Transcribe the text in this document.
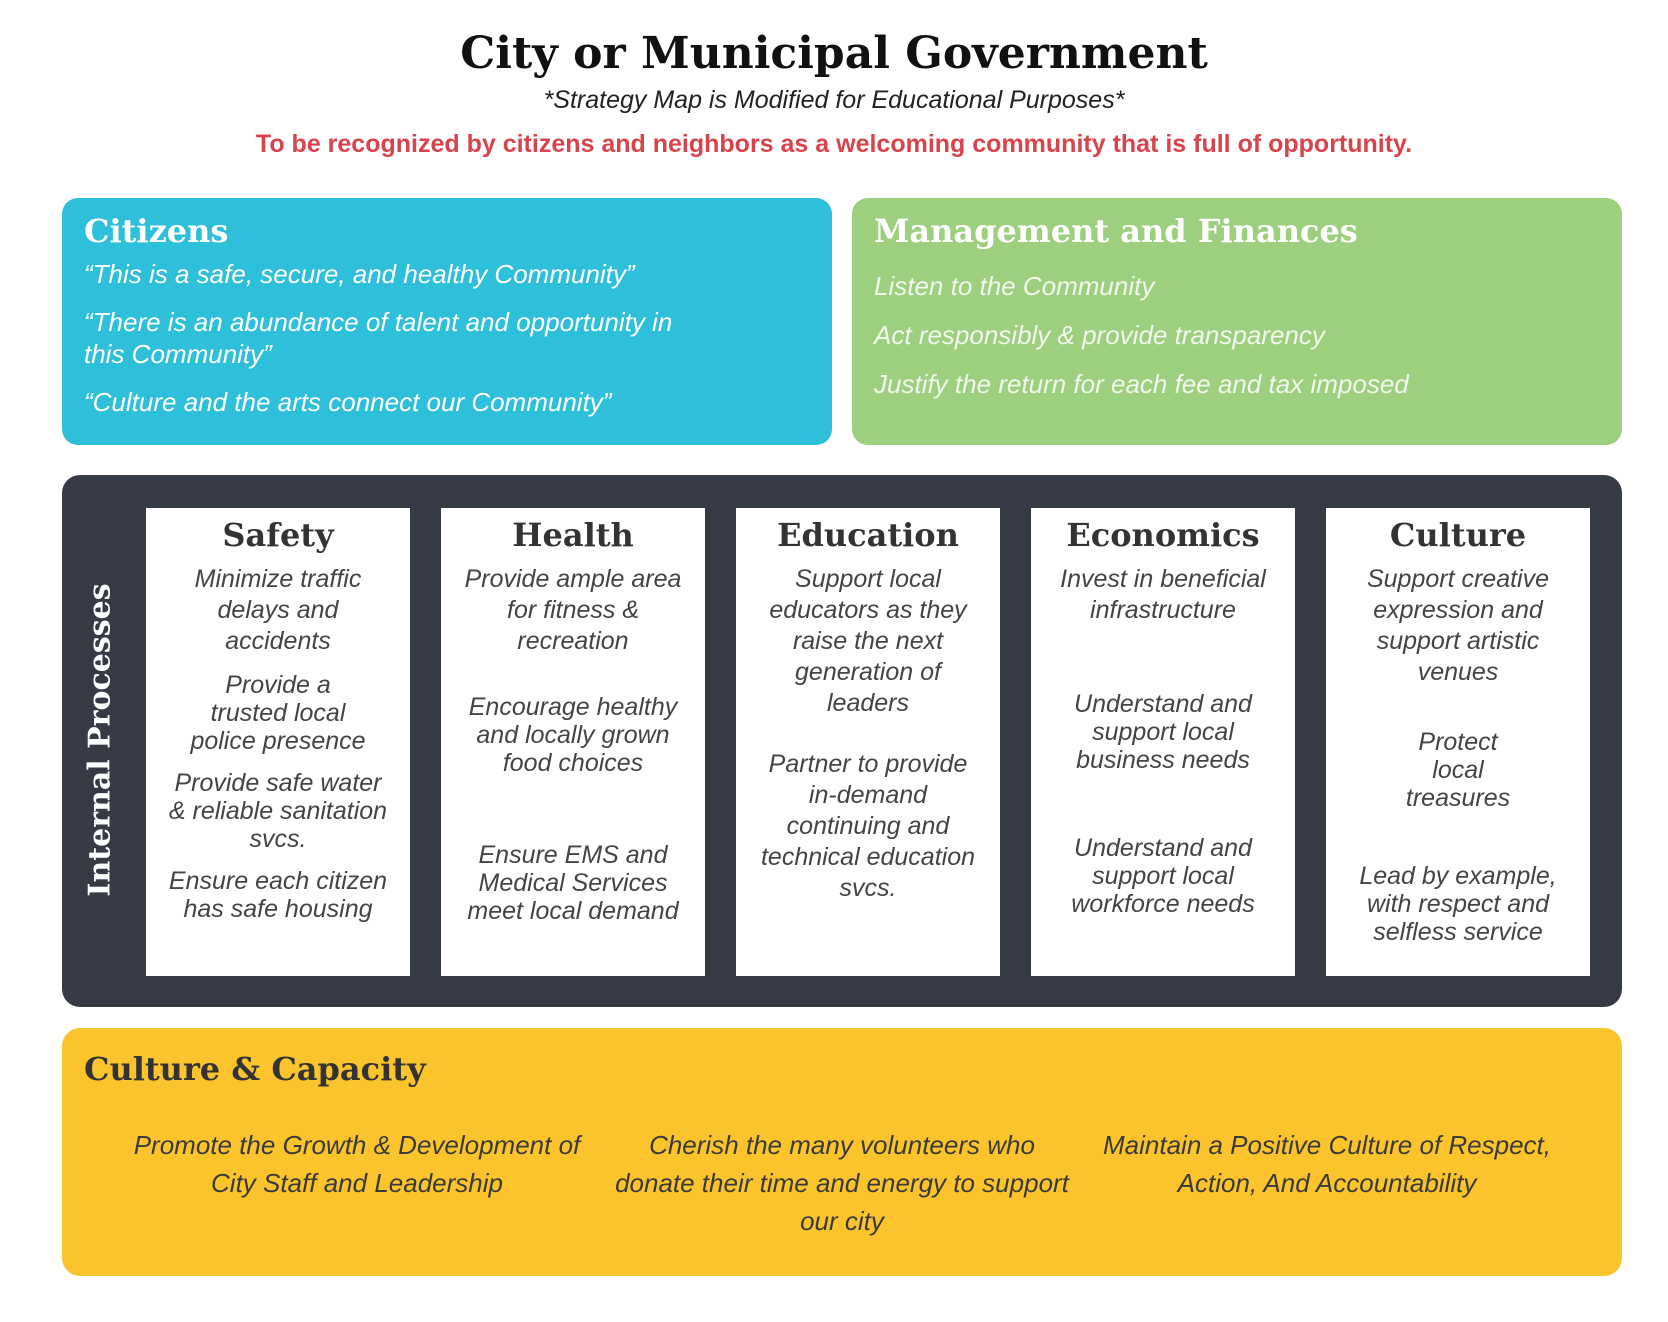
City or Municipal Government
*Strategy Map is Modified for Educational Purposes*
To be recognized by citizens and neighbors as a welcoming community that is full of opportunity.
Citizens
“This is a safe, secure, and healthy Community”
“There is an abundance of talent and opportunity in this Community”
“Culture and the arts connect our Community”
Management and Finances
Listen to the Community
Act responsibly & provide transparency
Justify the return for each fee and tax imposed
Internal Processes
Safety
Minimize traffic delays and accidents
Provide a trusted local police presence
Provide safe water & reliable sanitation svcs.
Ensure each citizen has safe housing
Health
Provide ample area for fitness & recreation
Encourage healthy and locally grown food choices
Ensure EMS and Medical Services meet local demand
Education
Support local educators as they raise the next generation of leaders
Partner to provide in-demand continuing and technical education svcs.
Economics
Invest in beneficial infrastructure
Understand and support local business needs
Understand and support local workforce needs
Culture
Support creative expression and support artistic venues
Protect local treasures
Lead by example, with respect and selfless service
Culture & Capacity
Promote the Growth & Development of City Staff and Leadership
Cherish the many volunteers who donate their time and energy to support our city
Maintain a Positive Culture of Respect, Action, And Accountability
